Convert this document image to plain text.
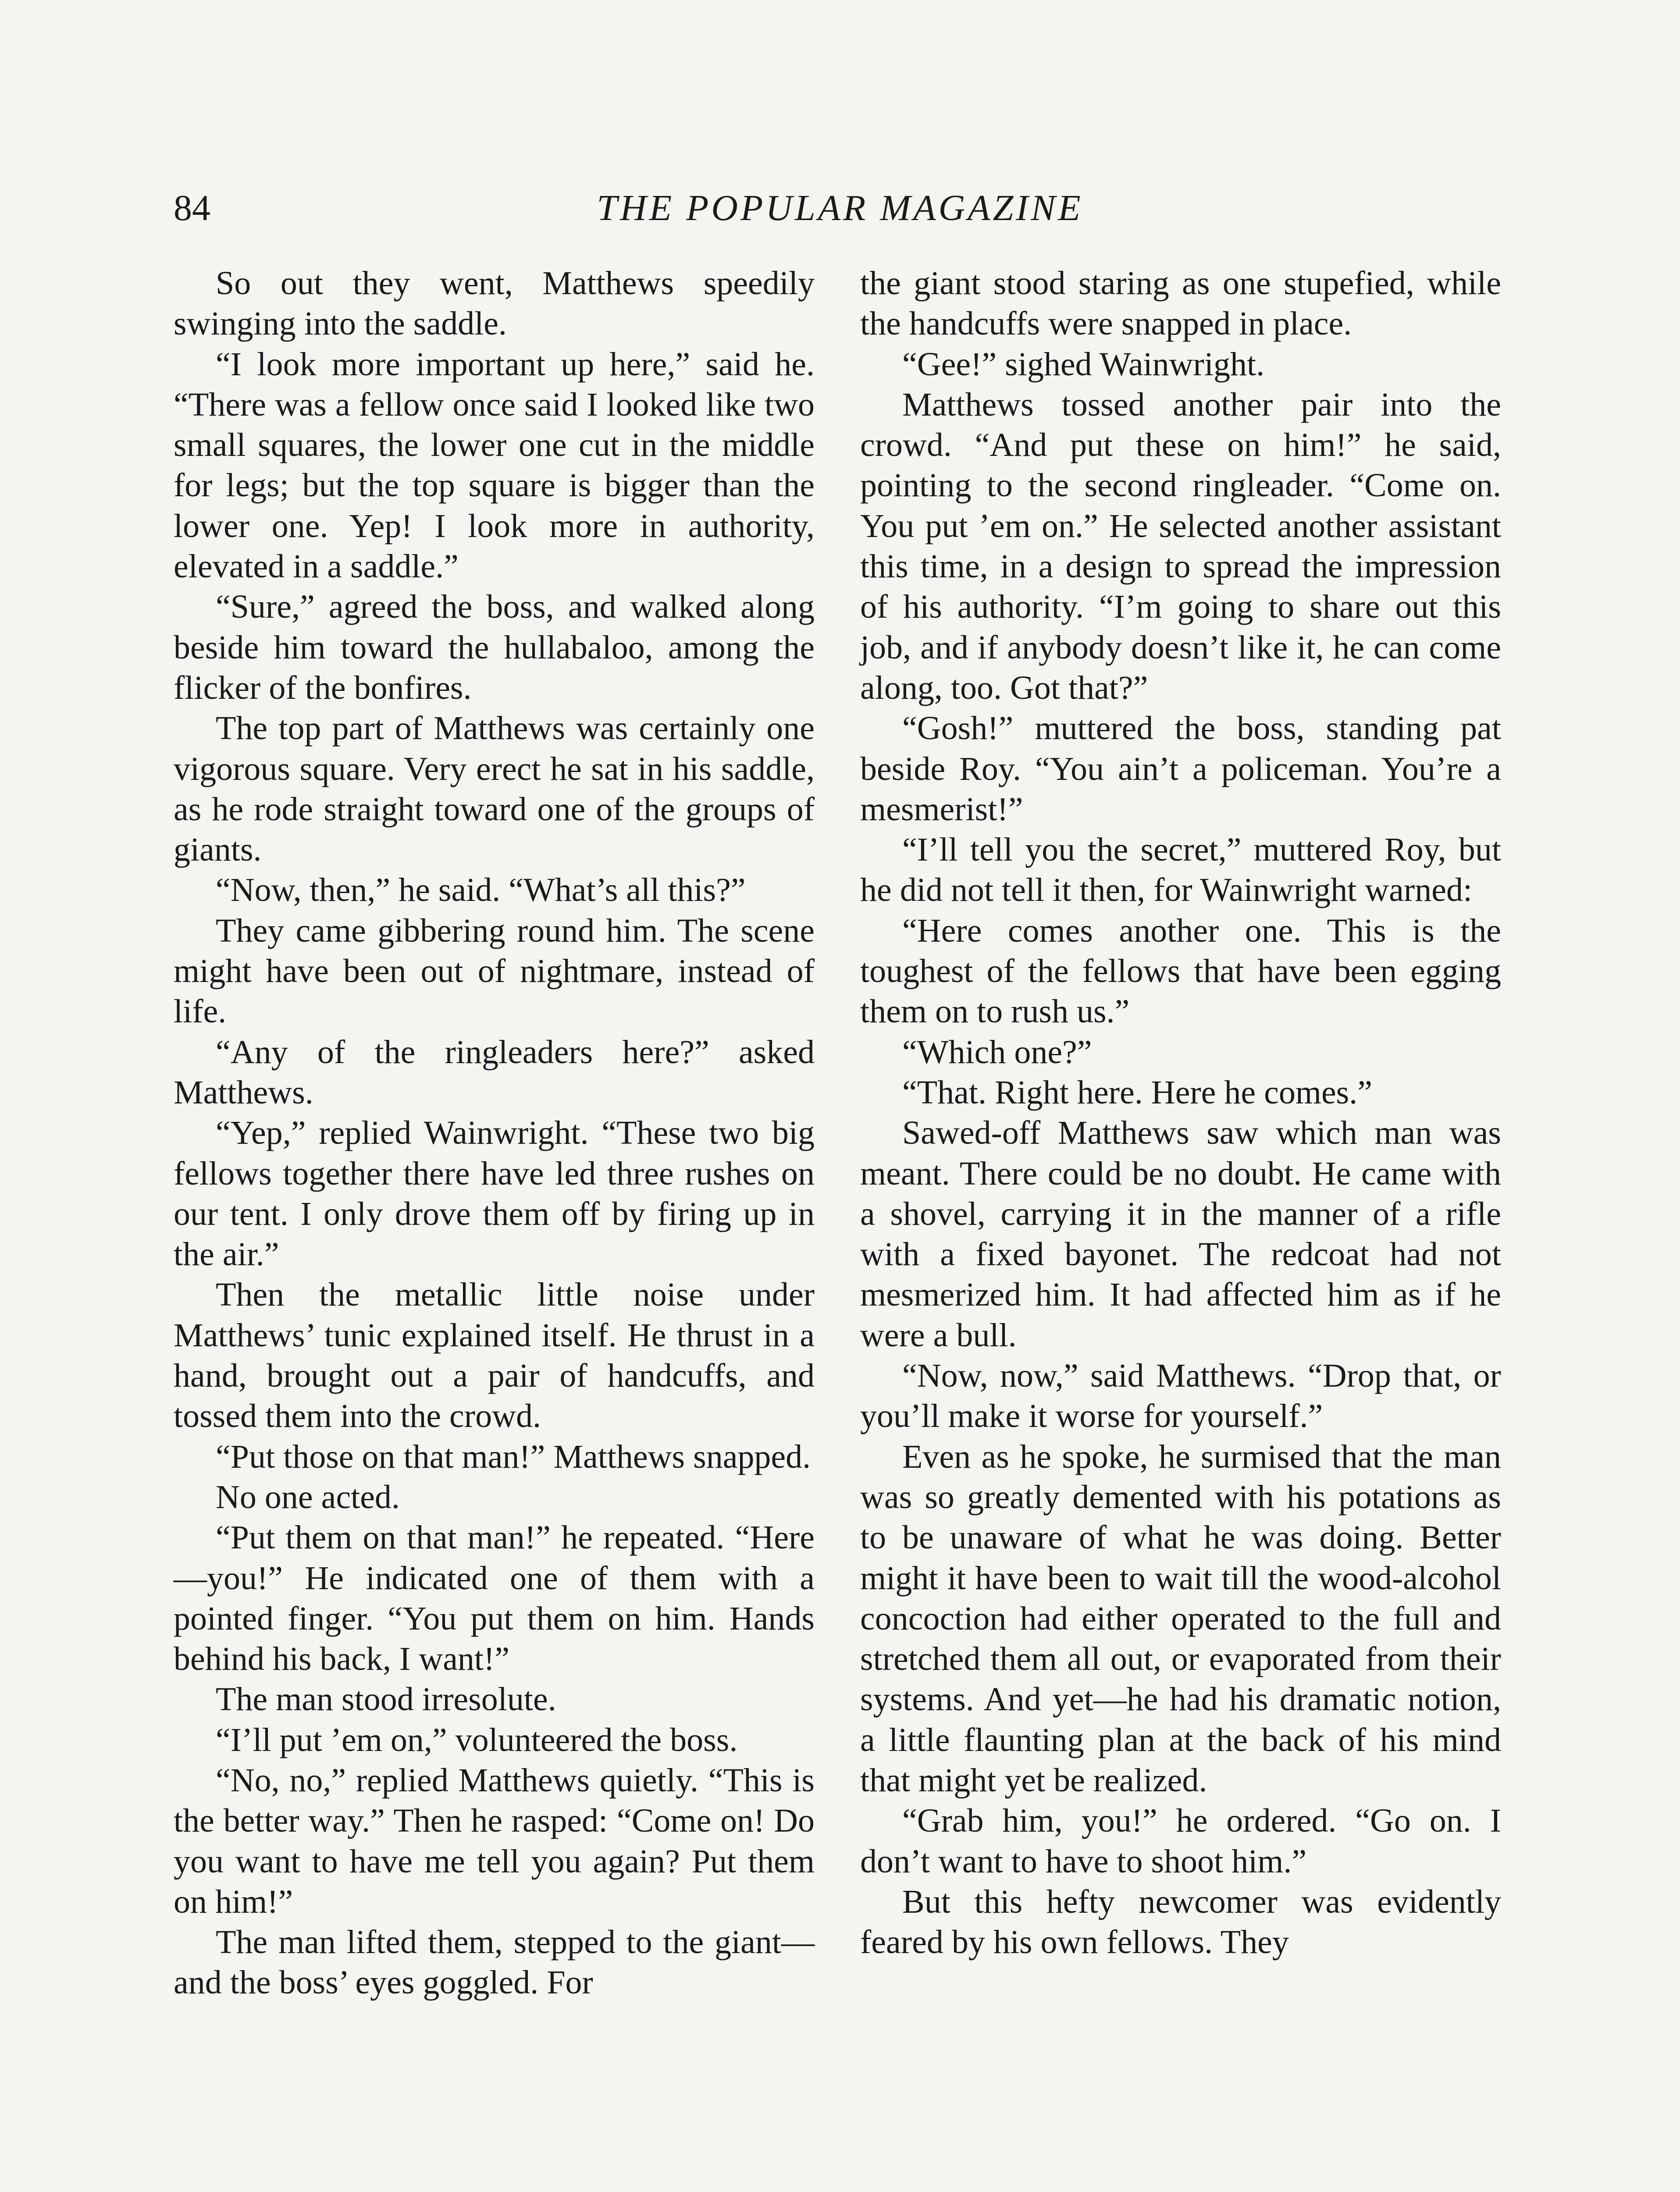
84	THE POPULAR MAGAZINE

So out they went, Matthews speedily swinging into the saddle.

“I look more important up here,” said he. “There was a fellow once said I looked like two small squares, the lower one cut in the middle for legs; but the top square is bigger than the lower one. Yep! I look more in authority, elevated in a saddle.”

“Sure,” agreed the boss, and walked along beside him toward the hullabaloo, among the flicker of the bonfires.

The top part of Matthews was certainly one vigorous square. Very erect he sat in his saddle, as he rode straight toward one of the groups of giants.

“Now, then,” he said. “What’s all this?”

They came gibbering round him. The scene might have been out of nightmare, instead of life.

“Any of the ringleaders here?” asked Matthews.

“Yep,” replied Wainwright. “These two big fellows together there have led three rushes on our tent. I only drove them off by firing up in the air.”

Then the metallic little noise under Matthews’ tunic explained itself. He thrust in a hand, brought out a pair of handcuffs, and tossed them into the crowd.

“Put those on that man!” Matthews snapped.

No one acted.

“Put them on that man!” he repeated. “Here—you!” He indicated one of them with a pointed finger. “You put them on him. Hands behind his back, I want!”

The man stood irresolute.

“I’ll put ’em on,” volunteered the boss.

“No, no,” replied Matthews quietly. “This is the better way.” Then he rasped: “Come on! Do you want to have me tell you again? Put them on him!”

The man lifted them, stepped to the giant—and the boss’ eyes goggled. For

the giant stood staring as one stupefied, while the handcuffs were snapped in place.

“Gee!” sighed Wainwright.

Matthews tossed another pair into the crowd. “And put these on him!” he said, pointing to the second ringleader. “Come on. You put ’em on.” He selected another assistant this time, in a design to spread the impression of his authority. “I’m going to share out this job, and if anybody doesn’t like it, he can come along, too. Got that?”

“Gosh!” muttered the boss, standing pat beside Roy. “You ain’t a policeman. You’re a mesmerist!”

“I’ll tell you the secret,” muttered Roy, but he did not tell it then, for Wainwright warned:

“Here comes another one. This is the toughest of the fellows that have been egging them on to rush us.”

“Which one?”

“That. Right here. Here he comes.”

Sawed-off Matthews saw which man was meant. There could be no doubt. He came with a shovel, carrying it in the manner of a rifle with a fixed bayonet. The redcoat had not mesmerized him. It had affected him as if he were a bull.

“Now, now,” said Matthews. “Drop that, or you’ll make it worse for yourself.”

Even as he spoke, he surmised that the man was so greatly demented with his potations as to be unaware of what he was doing. Better might it have been to wait till the wood-alcohol concoction had either operated to the full and stretched them all out, or evaporated from their systems. And yet—he had his dramatic notion, a little flaunting plan at the back of his mind that might yet be realized.

“Grab him, you!” he ordered. “Go on. I don’t want to have to shoot him.”

But this hefty newcomer was evidently feared by his own fellows. They
